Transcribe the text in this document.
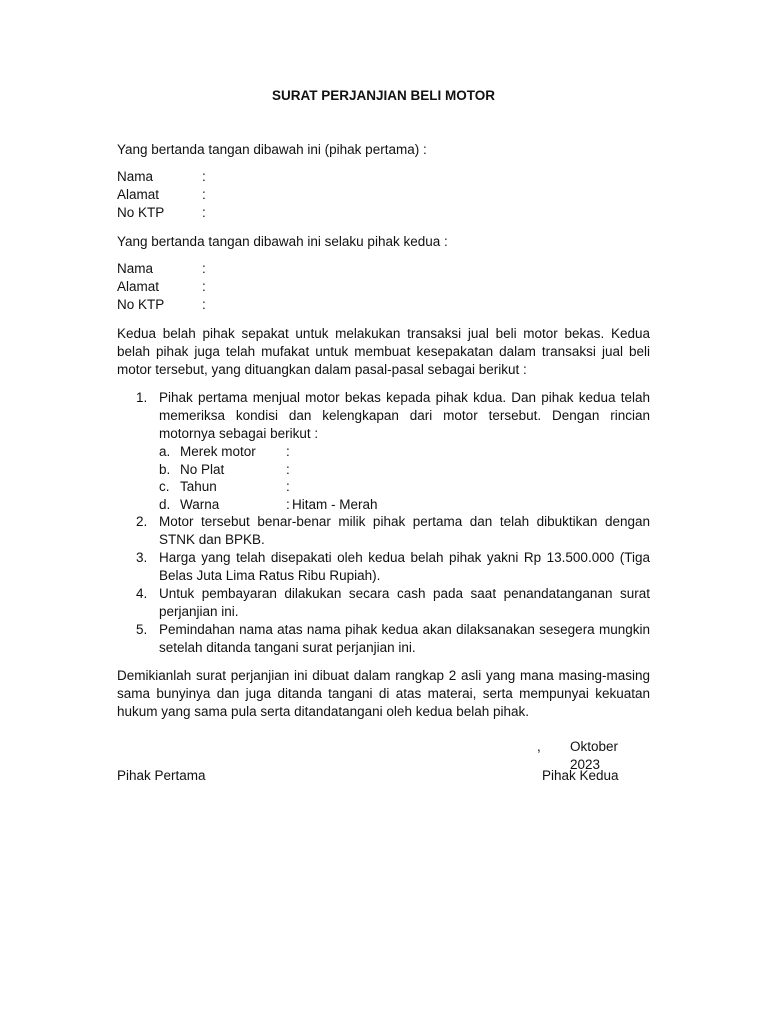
SURAT PERJANJIAN BELI MOTOR

Yang bertanda tangan dibawah ini (pihak pertama) :

Nama	:
Alamat	:
No KTP	:

Yang bertanda tangan dibawah ini selaku pihak kedua :

Nama	:
Alamat	:
No KTP	:

Kedua belah pihak sepakat untuk melakukan transaksi jual beli motor bekas. Kedua belah pihak juga telah mufakat untuk membuat kesepakatan dalam transaksi jual beli motor tersebut, yang dituangkan dalam pasal-pasal sebagai berikut :

1. Pihak pertama menjual motor bekas kepada pihak kdua. Dan pihak kedua telah memeriksa kondisi dan kelengkapan dari motor tersebut. Dengan rincian motornya sebagai berikut :
a. Merek motor	:
b. No Plat	:
c. Tahun	:
d. Warna	: Hitam - Merah
2. Motor tersebut benar-benar milik pihak pertama dan telah dibuktikan dengan STNK dan BPKB.
3. Harga yang telah disepakati oleh kedua belah pihak yakni Rp 13.500.000 (Tiga Belas Juta Lima Ratus Ribu Rupiah).
4. Untuk pembayaran dilakukan secara cash pada saat penandatanganan surat perjanjian ini.
5. Pemindahan nama atas nama pihak kedua akan dilaksanakan sesegera mungkin setelah ditanda tangani surat perjanjian ini.

Demikianlah surat perjanjian ini dibuat dalam rangkap 2 asli yang mana masing-masing sama bunyinya dan juga ditanda tangani di atas materai, serta mempunyai kekuatan hukum yang sama pula serta ditandatangani oleh kedua belah pihak.

, Oktober 2023
Pihak Pertama	Pihak Kedua
